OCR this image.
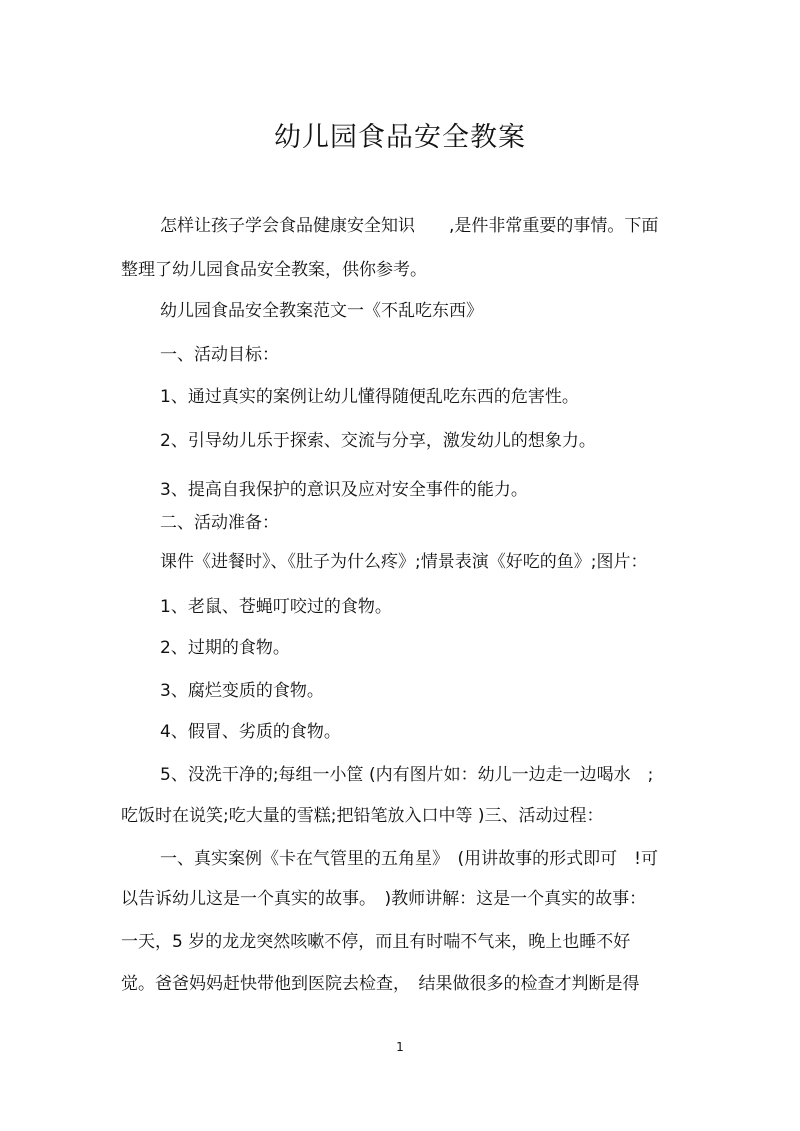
幼儿园食品安全教案
怎样让孩子学会食品健康安全知识　　,是件非常重要的事情。下面
整理了幼儿园食品安全教案，供你参考。
幼儿园食品安全教案范文一《不乱吃东西》
一、活动目标：
1、通过真实的案例让幼儿懂得随便乱吃东西的危害性。
2、引导幼儿乐于探索、交流与分享，激发幼儿的想象力。
3、提高自我保护的意识及应对安全事件的能力。
二、活动准备：
课件《进餐时》、《肚子为什么疼》;情景表演《好吃的鱼》;图片：
1、老鼠、苍蝇叮咬过的食物。
2、过期的食物。
3、腐烂变质的食物。
4、假冒、劣质的食物。
5、没洗干净的;每组一小筐 (内有图片如：幼儿一边走一边喝水　;
吃饭时在说笑;吃大量的雪糕;把铅笔放入口中等 )三、活动过程：
一、真实案例《卡在气管里的五角星》　(用讲故事的形式即可　!可
以告诉幼儿这是一个真实的故事。　)教师讲解：这是一个真实的故事：
一天，5 岁的龙龙突然咳嗽不停，而且有时喘不气来，晚上也睡不好
觉。爸爸妈妈赶快带他到医院去检查，　结果做很多的检查才判断是得
1
